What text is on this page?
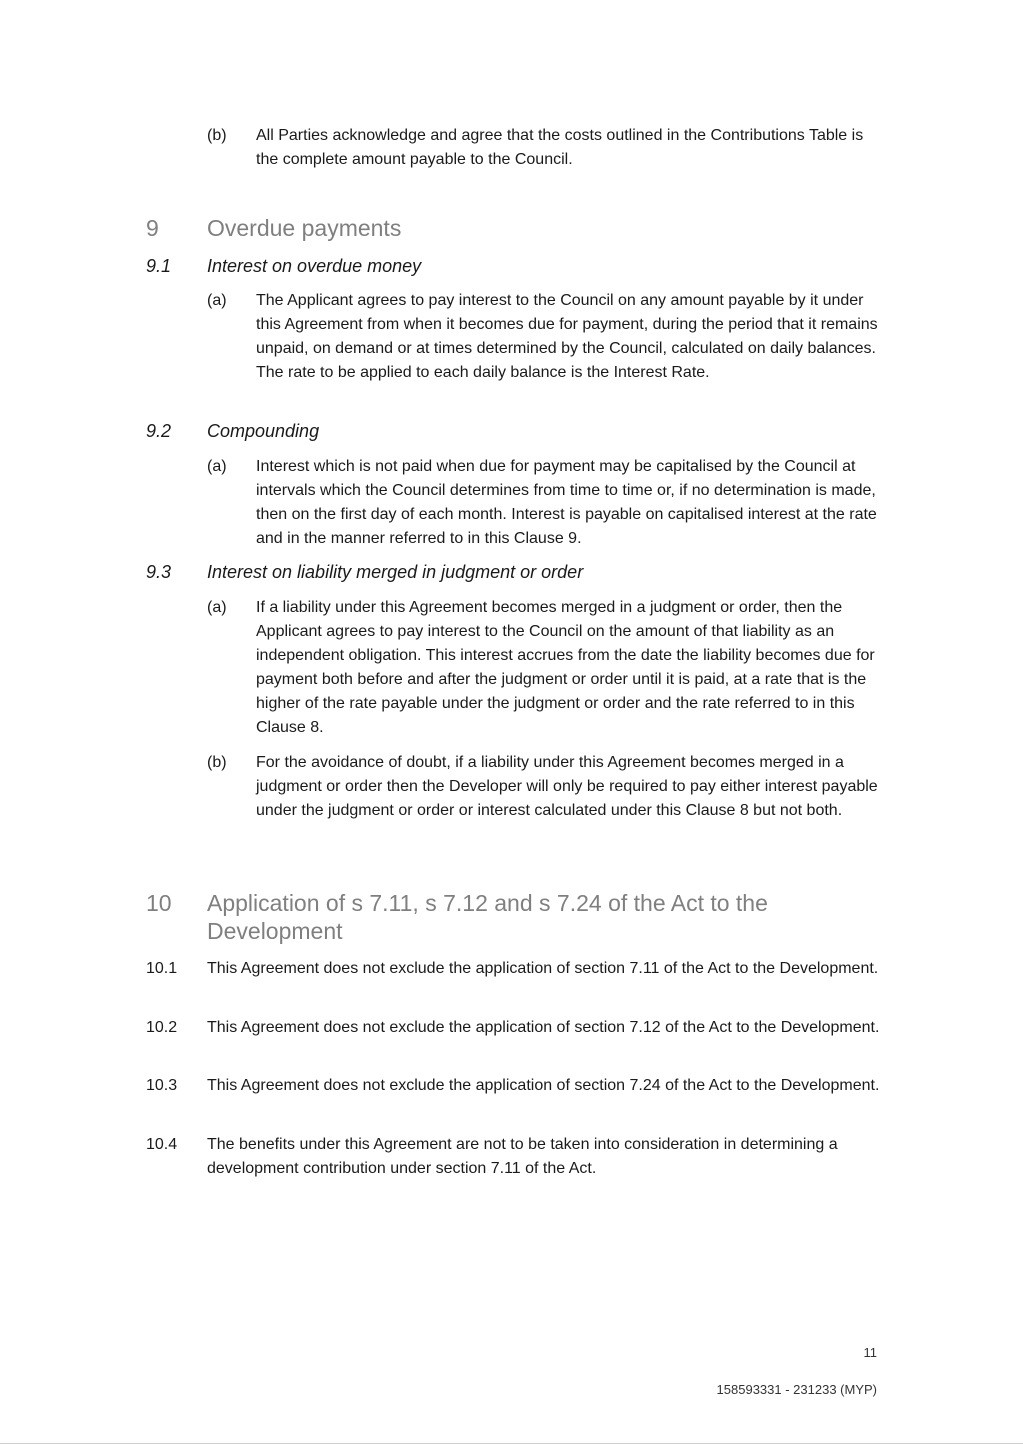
(b) All Parties acknowledge and agree that the costs outlined in the Contributions Table is the complete amount payable to the Council.
9 Overdue payments
9.1 Interest on overdue money
(a) The Applicant agrees to pay interest to the Council on any amount payable by it under this Agreement from when it becomes due for payment, during the period that it remains unpaid, on demand or at times determined by the Council, calculated on daily balances. The rate to be applied to each daily balance is the Interest Rate.
9.2 Compounding
(a) Interest which is not paid when due for payment may be capitalised by the Council at intervals which the Council determines from time to time or, if no determination is made, then on the first day of each month. Interest is payable on capitalised interest at the rate and in the manner referred to in this Clause 9.
9.3 Interest on liability merged in judgment or order
(a) If a liability under this Agreement becomes merged in a judgment or order, then the Applicant agrees to pay interest to the Council on the amount of that liability as an independent obligation. This interest accrues from the date the liability becomes due for payment both before and after the judgment or order until it is paid, at a rate that is the higher of the rate payable under the judgment or order and the rate referred to in this Clause 8.
(b) For the avoidance of doubt, if a liability under this Agreement becomes merged in a judgment or order then the Developer will only be required to pay either interest payable under the judgment or order or interest calculated under this Clause 8 but not both.
10 Application of s 7.11, s 7.12 and s 7.24 of the Act to the Development
10.1 This Agreement does not exclude the application of section 7.11 of the Act to the Development.
10.2 This Agreement does not exclude the application of section 7.12 of the Act to the Development.
10.3 This Agreement does not exclude the application of section 7.24 of the Act to the Development.
10.4 The benefits under this Agreement are not to be taken into consideration in determining a development contribution under section 7.11 of the Act.
11
158593331 - 231233 (MYP)
